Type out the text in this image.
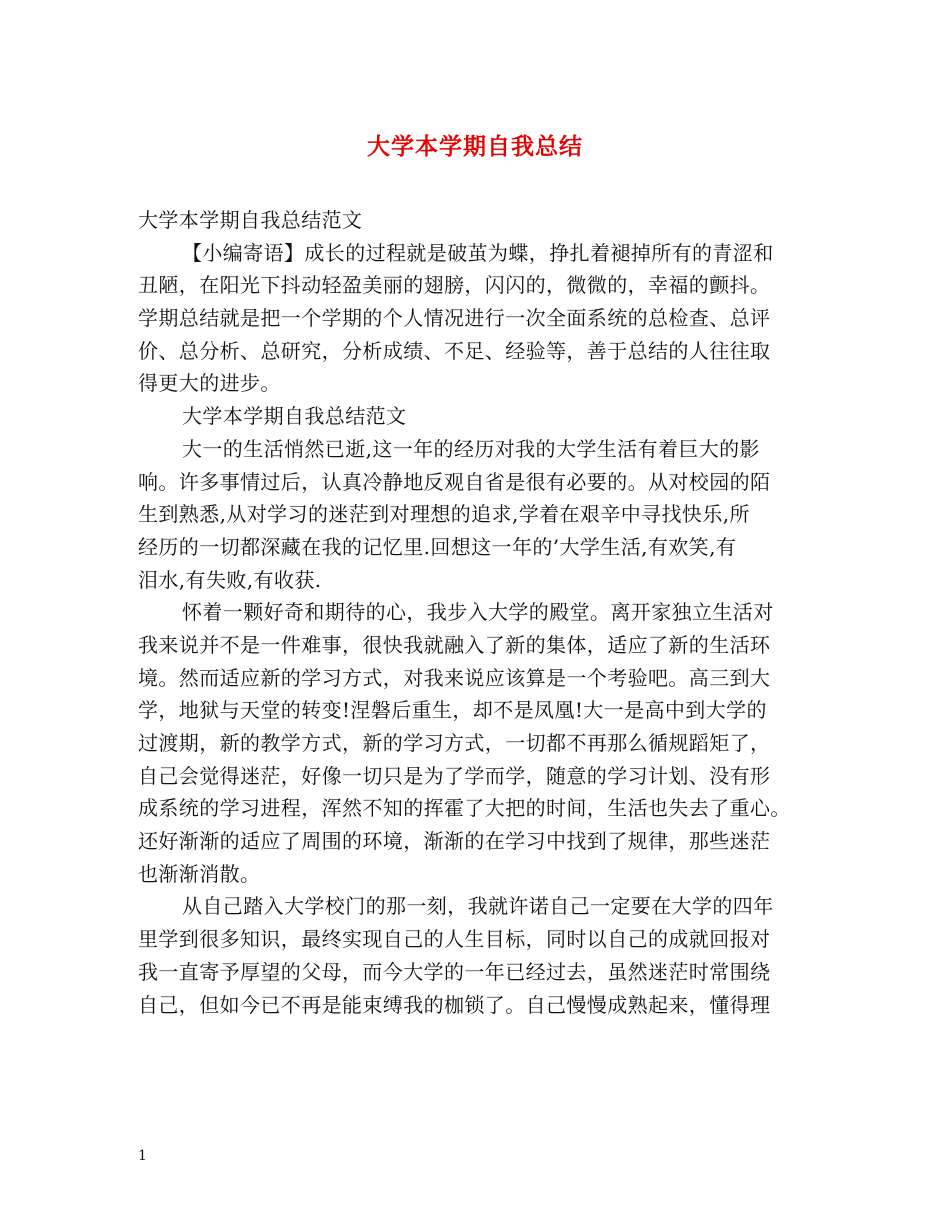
大学本学期自我总结
大学本学期自我总结范文
【小编寄语】成长的过程就是破茧为蝶，挣扎着褪掉所有的青涩和
丑陋，在阳光下抖动轻盈美丽的翅膀，闪闪的，微微的，幸福的颤抖。
学期总结就是把一个学期的个人情况进行一次全面系统的总检查、总评
价、总分析、总研究，分析成绩、不足、经验等，善于总结的人往往取
得更大的进步。
大学本学期自我总结范文
大一的生活悄然已逝,这一年的经历对我的大学生活有着巨大的影
响。许多事情过后，认真冷静地反观自省是很有必要的。从对校园的陌
生到熟悉,从对学习的迷茫到对理想的追求,学着在艰辛中寻找快乐,所
经历的一切都深藏在我的记忆里.回想这一年的’大学生活,有欢笑,有
泪水,有失败,有收获.
怀着一颗好奇和期待的心，我步入大学的殿堂。离开家独立生活对
我来说并不是一件难事，很快我就融入了新的集体，适应了新的生活环
境。然而适应新的学习方式，对我来说应该算是一个考验吧。高三到大
学，地狱与天堂的转变!涅磐后重生，却不是凤凰!大一是高中到大学的
过渡期，新的教学方式，新的学习方式，一切都不再那么循规蹈矩了，
自己会觉得迷茫，好像一切只是为了学而学，随意的学习计划、没有形
成系统的学习进程，浑然不知的挥霍了大把的时间，生活也失去了重心。
还好渐渐的适应了周围的环境，渐渐的在学习中找到了规律，那些迷茫
也渐渐消散。
从自己踏入大学校门的那一刻，我就许诺自己一定要在大学的四年
里学到很多知识，最终实现自己的人生目标，同时以自己的成就回报对
我一直寄予厚望的父母，而今大学的一年已经过去，虽然迷茫时常围绕
自己，但如今已不再是能束缚我的枷锁了。自己慢慢成熟起来，懂得理
1
